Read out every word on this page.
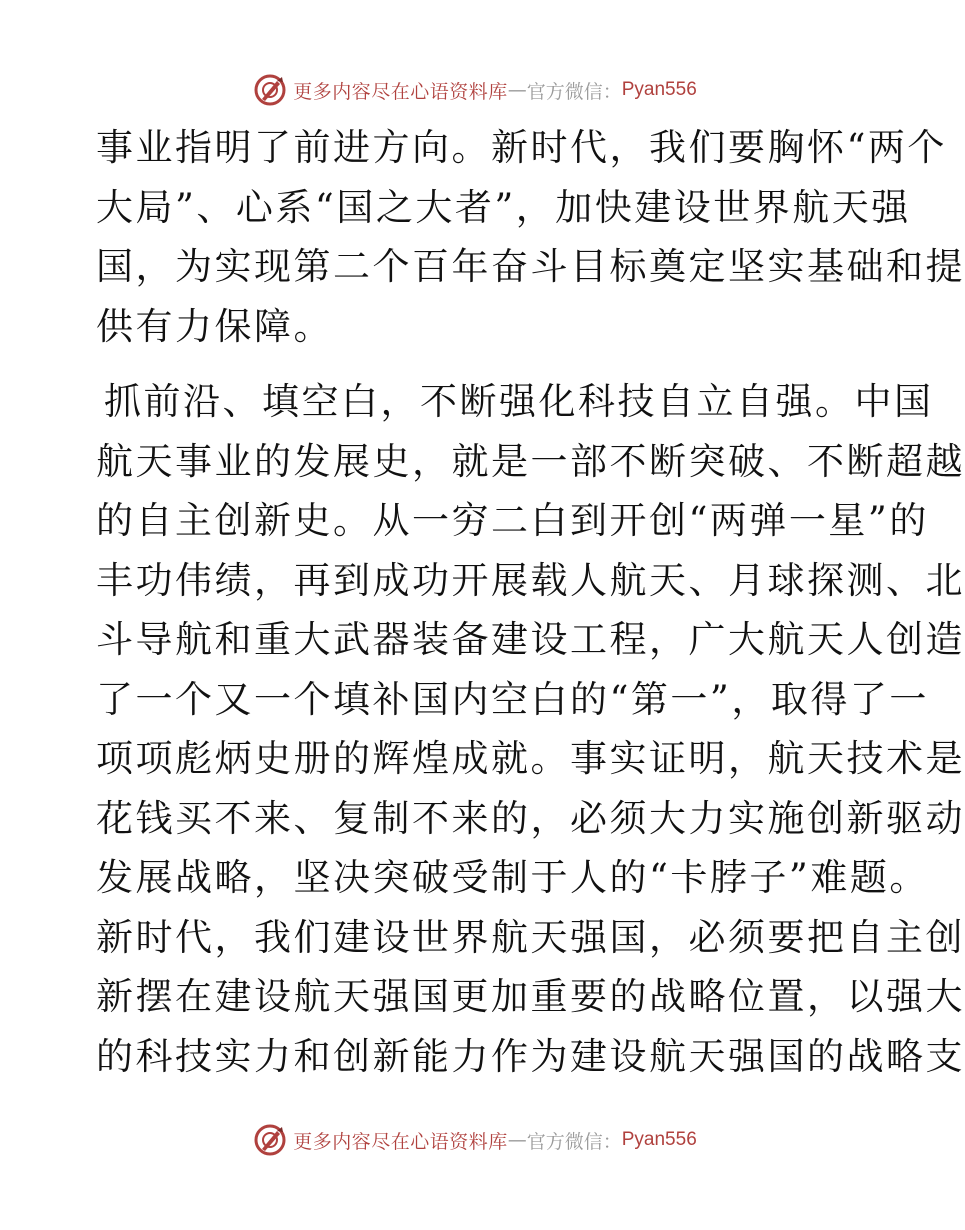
更多内容尽在心语资料库 — 官方微信： Pyan556
事业指明了前进方向。新时代，我们要胸怀“两个
大局”、心系“国之大者”，加快建设世界航天强
国，为实现第二个百年奋斗目标奠定坚实基础和提
供有力保障。
抓前沿、填空白，不断强化科技自立自强。中国
航天事业的发展史，就是一部不断突破、不断超越
的自主创新史。从一穷二白到开创“两弹一星”的
丰功伟绩，再到成功开展载人航天、月球探测、北
斗导航和重大武器装备建设工程，广大航天人创造
了一个又一个填补国内空白的“第一”，取得了一
项项彪炳史册的辉煌成就。事实证明，航天技术是
花钱买不来、复制不来的，必须大力实施创新驱动
发展战略，坚决突破受制于人的“卡脖子”难题。
新时代，我们建设世界航天强国，必须要把自主创
新摆在建设航天强国更加重要的战略位置，以强大
的科技实力和创新能力作为建设航天强国的战略支
更多内容尽在心语资料库 — 官方微信： Pyan556
